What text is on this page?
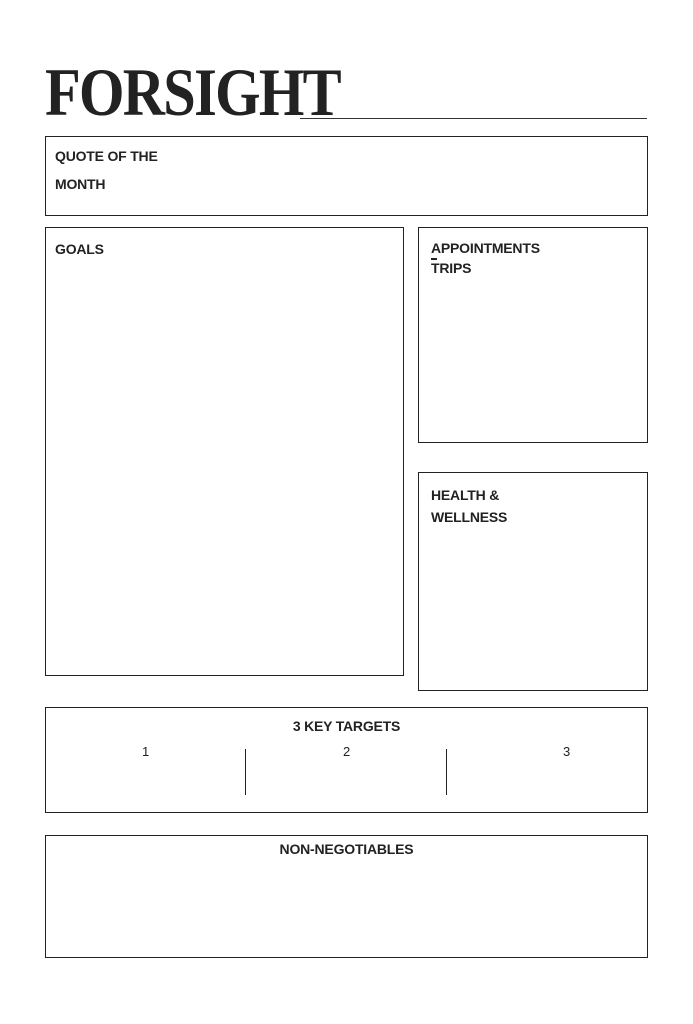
FORSIGHT
QUOTE OF THE
MONTH
GOALS	APPOINTMENTS
TRIPS
HEALTH &
WELLNESS
3 KEY TARGETS
1	2	3
NON-NEGOTIABLES
